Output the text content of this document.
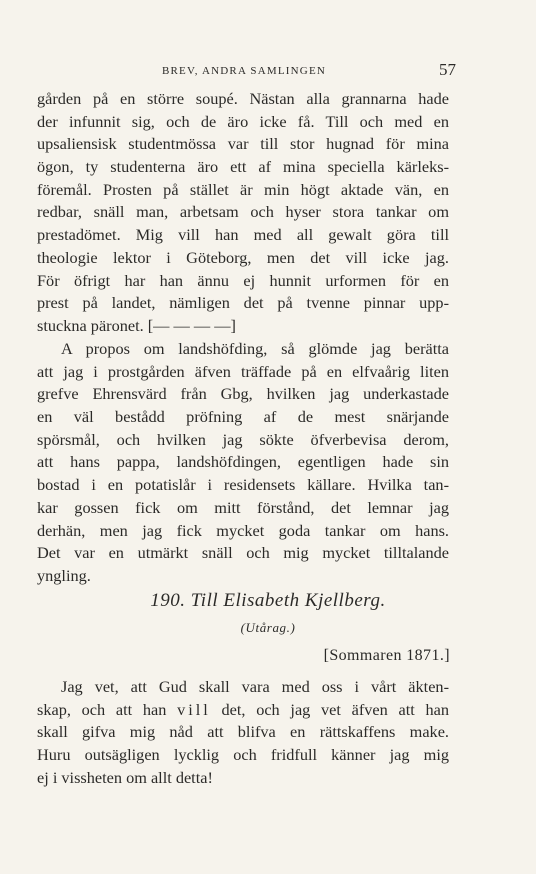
BREV, ANDRA SAMLINGEN	57
gården på en större soupé. Nästan alla grannarna hade
der infunnit sig, och de äro icke få. Till och med en
upsaliensisk studentmössa var till stor hugnad för mina
ögon, ty studenterna äro ett af mina speciella kärleks-
föremål. Prosten på stället är min högt aktade vän, en
redbar, snäll man, arbetsam och hyser stora tankar om
prestadömet. Mig vill han med all gewalt göra till
theologie lektor i Göteborg, men det vill icke jag.
För öfrigt har han ännu ej hunnit urformen för en
prest på landet, nämligen det på tvenne pinnar upp-
stuckna päronet. [— — — —]
A propos om landshöfding, så glömde jag berätta
att jag i prostgården äfven träffade på en elfvaårig liten
grefve Ehrensvärd från Gbg, hvilken jag underkastade
en väl bestådd pröfning af de mest snärjande
spörsmål, och hvilken jag sökte öfverbevisa derom,
att hans pappa, landshöfdingen, egentligen hade sin
bostad i en potatislår i residensets källare. Hvilka tan-
kar gossen fick om mitt förstånd, det lemnar jag
derhän, men jag fick mycket goda tankar om hans.
Det var en utmärkt snäll och mig mycket tilltalande
yngling.
190. Till Elisabeth Kjellberg.
(Utårag.)
[Sommaren 1871.]
Jag vet, att Gud skall vara med oss i vårt äkten-
skap, och att han vill det, och jag vet äfven att han
skall gifva mig nåd att blifva en rättskaffens make.
Huru outsägligen lycklig och fridfull känner jag mig
ej i vissheten om allt detta!
